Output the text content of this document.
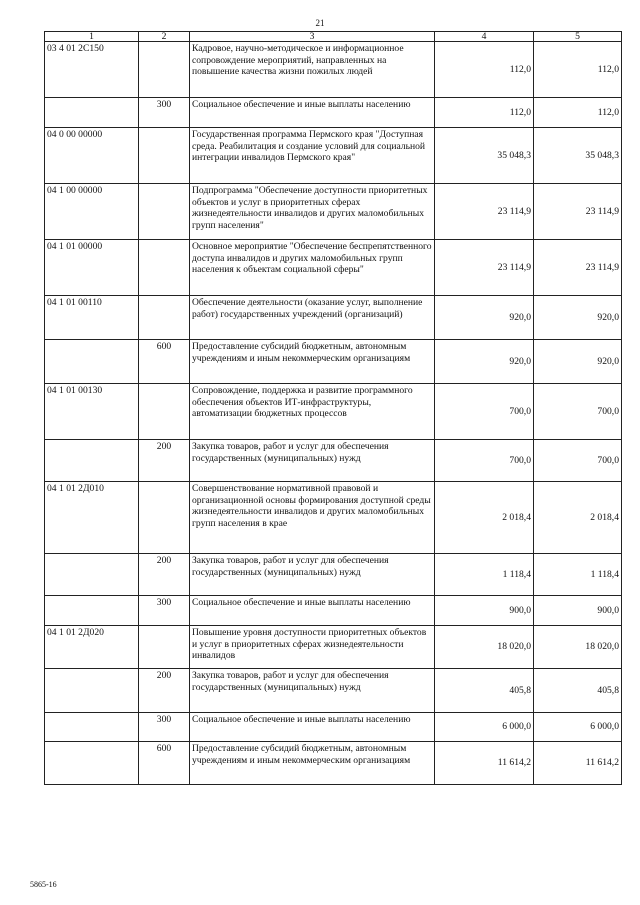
21
1	2	3	4	5
03 4 01 2С150		Кадровое, научно-методическое и информационное сопровождение мероприятий, направленных на повышение качества жизни пожилых людей	112,0	112,0
	300	Социальное обеспечение и иные выплаты населению	112,0	112,0
04 0 00 00000		Государственная программа Пермского края "Доступная среда. Реабилитация и создание условий для социальной интеграции инвалидов Пермского края"	35 048,3	35 048,3
04 1 00 00000		Подпрограмма "Обеспечение доступности приоритетных объектов и услуг в приоритетных сферах жизнедеятельности инвалидов и других маломобильных групп населения"	23 114,9	23 114,9
04 1 01 00000		Основное мероприятие "Обеспечение беспрепятственного доступа инвалидов и других маломобильных групп населения к объектам социальной сферы"	23 114,9	23 114,9
04 1 01 00110		Обеспечение деятельности (оказание услуг, выполнение работ) государственных учреждений (организаций)	920,0	920,0
	600	Предоставление субсидий бюджетным, автономным учреждениям и иным некоммерческим организациям	920,0	920,0
04 1 01 00130		Сопровождение, поддержка и развитие программного обеспечения объектов ИТ-инфраструктуры, автоматизации бюджетных процессов	700,0	700,0
	200	Закупка товаров, работ и услуг для обеспечения государственных (муниципальных) нужд	700,0	700,0
04 1 01 2Д010		Совершенствование нормативной правовой и организационной основы формирования доступной среды жизнедеятельности инвалидов и других маломобильных групп населения в крае	2 018,4	2 018,4
	200	Закупка товаров, работ и услуг для обеспечения государственных (муниципальных) нужд	1 118,4	1 118,4
	300	Социальное обеспечение и иные выплаты населению	900,0	900,0
04 1 01 2Д020		Повышение уровня доступности приоритетных объектов и услуг в приоритетных сферах жизнедеятельности инвалидов	18 020,0	18 020,0
	200	Закупка товаров, работ и услуг для обеспечения государственных (муниципальных) нужд	405,8	405,8
	300	Социальное обеспечение и иные выплаты населению	6 000,0	6 000,0
	600	Предоставление субсидий бюджетным, автономным учреждениям и иным некоммерческим организациям	11 614,2	11 614,2
5865-16
